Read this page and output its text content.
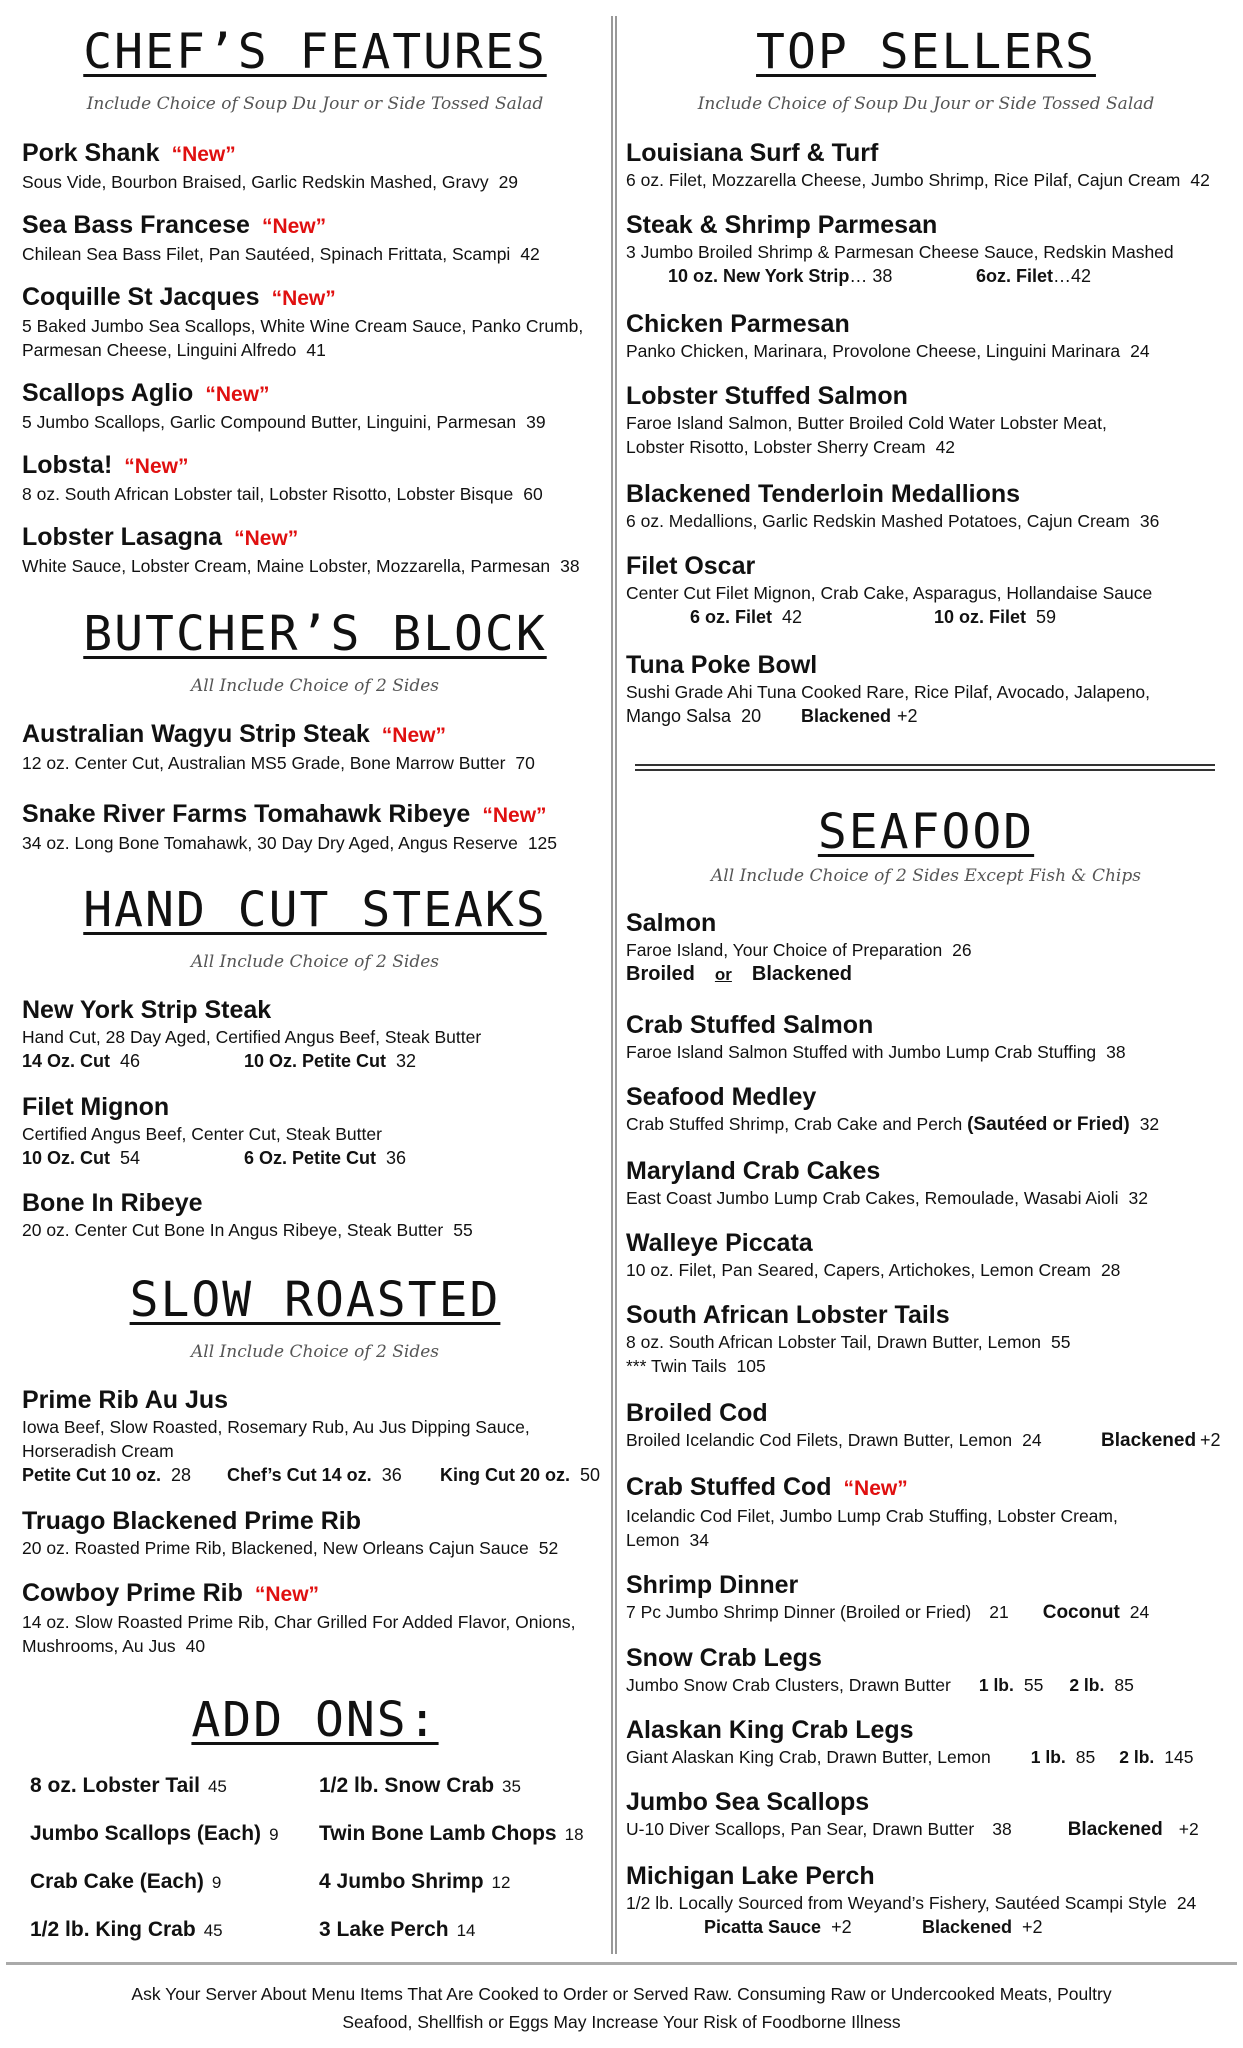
CHEF’S FEATURES
Include Choice of Soup Du Jour or Side Tossed Salad
Pork Shank “New”
Sous Vide, Bourbon Braised, Garlic Redskin Mashed, Gravy 29
Sea Bass Francese “New”
Chilean Sea Bass Filet, Pan Sautéed, Spinach Frittata, Scampi 42
Coquille St Jacques “New”
5 Baked Jumbo Sea Scallops, White Wine Cream Sauce, Panko Crumb,
Parmesan Cheese, Linguini Alfredo 41
Scallops Aglio “New”
5 Jumbo Scallops, Garlic Compound Butter, Linguini, Parmesan 39
Lobsta! “New”
8 oz. South African Lobster tail, Lobster Risotto, Lobster Bisque 60
Lobster Lasagna “New”
White Sauce, Lobster Cream, Maine Lobster, Mozzarella, Parmesan 38
BUTCHER’S BLOCK
All Include Choice of 2 Sides
Australian Wagyu Strip Steak “New”
12 oz. Center Cut, Australian MS5 Grade, Bone Marrow Butter 70
Snake River Farms Tomahawk Ribeye “New”
34 oz. Long Bone Tomahawk, 30 Day Dry Aged, Angus Reserve 125
HAND CUT STEAKS
All Include Choice of 2 Sides
New York Strip Steak
Hand Cut, 28 Day Aged, Certified Angus Beef, Steak Butter
14 Oz. Cut 46	10 Oz. Petite Cut 32
Filet Mignon
Certified Angus Beef, Center Cut, Steak Butter
10 Oz. Cut 54	6 Oz. Petite Cut 36
Bone In Ribeye
20 oz. Center Cut Bone In Angus Ribeye, Steak Butter 55
SLOW ROASTED
All Include Choice of 2 Sides
Prime Rib Au Jus
Iowa Beef, Slow Roasted, Rosemary Rub, Au Jus Dipping Sauce,
Horseradish Cream
Petite Cut 10 oz. 28 Chef’s Cut 14 oz. 36 King Cut 20 oz. 50
Truago Blackened Prime Rib
20 oz. Roasted Prime Rib, Blackened, New Orleans Cajun Sauce 52
Cowboy Prime Rib “New”
14 oz. Slow Roasted Prime Rib, Char Grilled For Added Flavor, Onions,
Mushrooms, Au Jus 40
ADD ONS:
8 oz. Lobster Tail 45	1/2 lb. Snow Crab 35
Jumbo Scallops (Each) 9 Twin Bone Lamb Chops 18
Crab Cake (Each) 9	4 Jumbo Shrimp 12
1/2 lb. King Crab 45	3 Lake Perch 14
TOP SELLERS
Include Choice of Soup Du Jour or Side Tossed Salad
Louisiana Surf & Turf
6 oz. Filet, Mozzarella Cheese, Jumbo Shrimp, Rice Pilaf, Cajun Cream 42
Steak & Shrimp Parmesan
3 Jumbo Broiled Shrimp & Parmesan Cheese Sauce, Redskin Mashed
10 oz. New York Strip… 38	6oz. Filet…42
Chicken Parmesan
Panko Chicken, Marinara, Provolone Cheese, Linguini Marinara 24
Lobster Stuffed Salmon
Faroe Island Salmon, Butter Broiled Cold Water Lobster Meat,
Lobster Risotto, Lobster Sherry Cream 42
Blackened Tenderloin Medallions
6 oz. Medallions, Garlic Redskin Mashed Potatoes, Cajun Cream 36
Filet Oscar
Center Cut Filet Mignon, Crab Cake, Asparagus, Hollandaise Sauce
6 oz. Filet 42	10 oz. Filet 59
Tuna Poke Bowl
Sushi Grade Ahi Tuna Cooked Rare, Rice Pilaf, Avocado, Jalapeno,
Mango Salsa 20 Blackened +2
SEAFOOD
All Include Choice of 2 Sides Except Fish & Chips
Salmon
Faroe Island, Your Choice of Preparation 26
Broiled or Blackened
Crab Stuffed Salmon
Faroe Island Salmon Stuffed with Jumbo Lump Crab Stuffing 38
Seafood Medley
Crab Stuffed Shrimp, Crab Cake and Perch (Sautéed or Fried) 32
Maryland Crab Cakes
East Coast Jumbo Lump Crab Cakes, Remoulade, Wasabi Aioli 32
Walleye Piccata
10 oz. Filet, Pan Seared, Capers, Artichokes, Lemon Cream 28
South African Lobster Tails
8 oz. South African Lobster Tail, Drawn Butter, Lemon 55
*** Twin Tails 105
Broiled Cod
Broiled Icelandic Cod Filets, Drawn Butter, Lemon 24	Blackened +2
Crab Stuffed Cod “New”
Icelandic Cod Filet, Jumbo Lump Crab Stuffing, Lobster Cream,
Lemon 34
Shrimp Dinner
7 Pc Jumbo Shrimp Dinner (Broiled or Fried) 21 Coconut 24
Snow Crab Legs
Jumbo Snow Crab Clusters, Drawn Butter 1 lb. 55 2 lb. 85
Alaskan King Crab Legs
Giant Alaskan King Crab, Drawn Butter, Lemon 1 lb. 85 2 lb. 145
Jumbo Sea Scallops
U-10 Diver Scallops, Pan Sear, Drawn Butter 38	Blackened +2
Michigan Lake Perch
1/2 lb. Locally Sourced from Weyand’s Fishery, Sautéed Scampi Style 24
Picatta Sauce +2	Blackened +2
Ask Your Server About Menu Items That Are Cooked to Order or Served Raw. Consuming Raw or Undercooked Meats, Poultry
Seafood, Shellfish or Eggs May Increase Your Risk of Foodborne Illness
